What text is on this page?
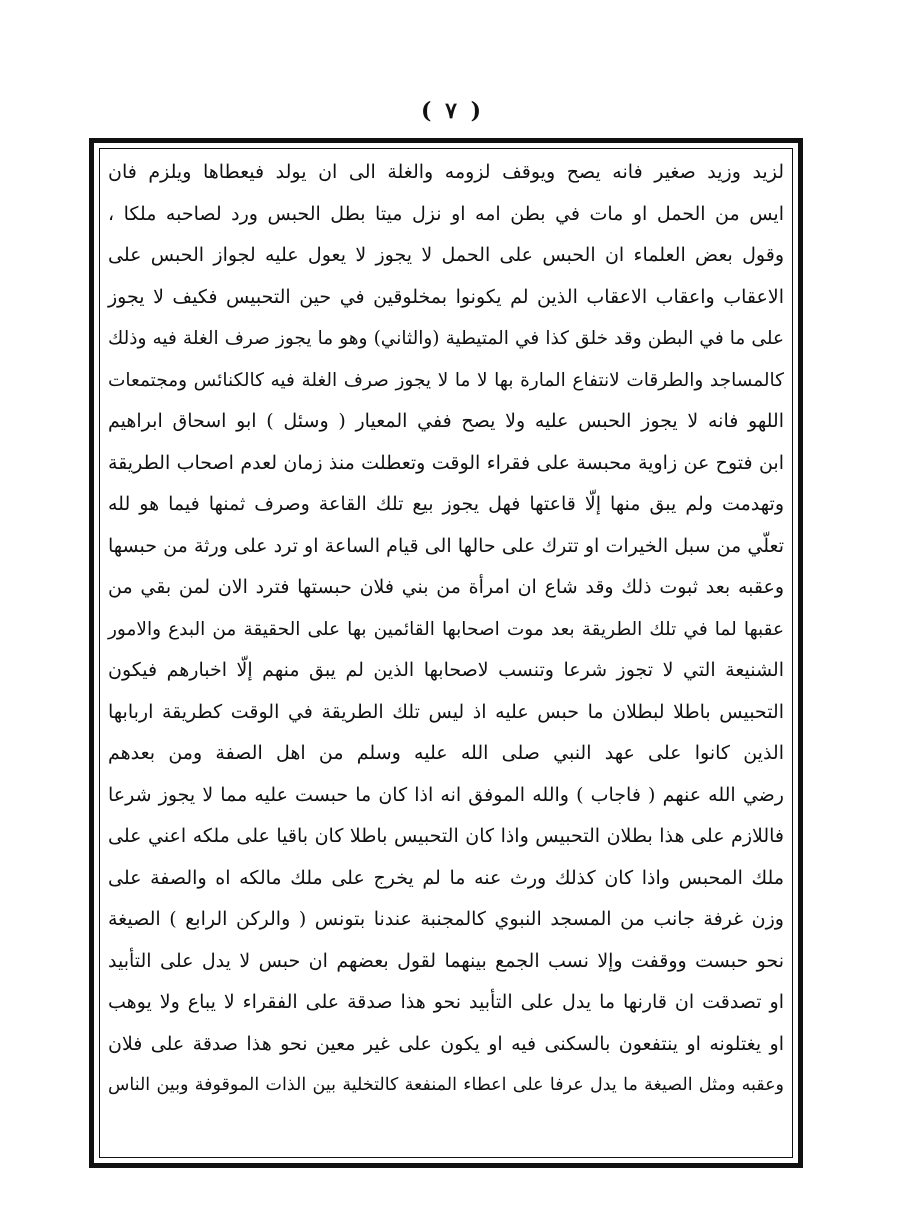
( ٧ )
لزيد وزيد صغير فانه يصح ويوقف لزومه والغلة الى ان يولد فيعطاها ويلزم فان
ايس من الحمل او مات في بطن امه او نزل ميتا بطل الحبس ورد لصاحبه ملكا ،
وقول بعض العلماء ان الحبس على الحمل لا يجوز لا يعول عليه لجواز الحبس على
الاعقاب واعقاب الاعقاب الذين لم يكونوا بمخلوقين في حين التحبيس فكيف لا يجوز
على ما في البطن وقد خلق كذا في المتيطية (والثاني) وهو ما يجوز صرف الغلة فيه وذلك
كالمساجد والطرقات لانتفاع المارة بها لا ما لا يجوز صرف الغلة فيه كالكنائس ومجتمعات
اللهو فانه لا يجوز الحبس عليه ولا يصح ففي المعيار ( وسئل ) ابو اسحاق ابراهيم
ابن فتوح عن زاوية محبسة على فقراء الوقت وتعطلت منذ زمان لعدم اصحاب الطريقة
وتهدمت ولم يبق منها إلّا قاعتها فهل يجوز بيع تلك القاعة وصرف ثمنها فيما هو لله
تعلّي من سبل الخيرات او تترك على حالها الى قيام الساعة او ترد على ورثة من حبسها
وعقبه بعد ثبوت ذلك وقد شاع ان امرأة من بني فلان حبستها فترد الان لمن بقي من
عقبها لما في تلك الطريقة بعد موت اصحابها القائمين بها على الحقيقة من البدع والامور
الشنيعة التي لا تجوز شرعا وتنسب لاصحابها الذين لم يبق منهم إلّا اخبارهم فيكون
التحبيس باطلا لبطلان ما حبس عليه اذ ليس تلك الطريقة في الوقت كطريقة اربابها
الذين كانوا على عهد النبي صلى الله عليه وسلم من اهل الصفة ومن بعدهم
رضي الله عنهم ( فاجاب ) والله الموفق انه اذا كان ما حبست عليه مما لا يجوز شرعا
فاللازم على هذا بطلان التحبيس واذا كان التحبيس باطلا كان باقيا على ملكه اعني على
ملك المحبس واذا كان كذلك ورث عنه ما لم يخرج على ملك مالكه اه والصفة على
وزن غرفة جانب من المسجد النبوي كالمجنبة عندنا بتونس ( والركن الرابع ) الصيغة
نحو حبست ووقفت وإلا نسب الجمع بينهما لقول بعضهم ان حبس لا يدل على التأبيد
او تصدقت ان قارنها ما يدل على التأبيد نحو هذا صدقة على الفقراء لا يباع ولا يوهب
او يغتلونه او ينتفعون بالسكنى فيه او يكون على غير معين نحو هذا صدقة على فلان
وعقبه ومثل الصيغة ما يدل عرفا على اعطاء المنفعة كالتخلية بين الذات الموقوفة وبين الناس
